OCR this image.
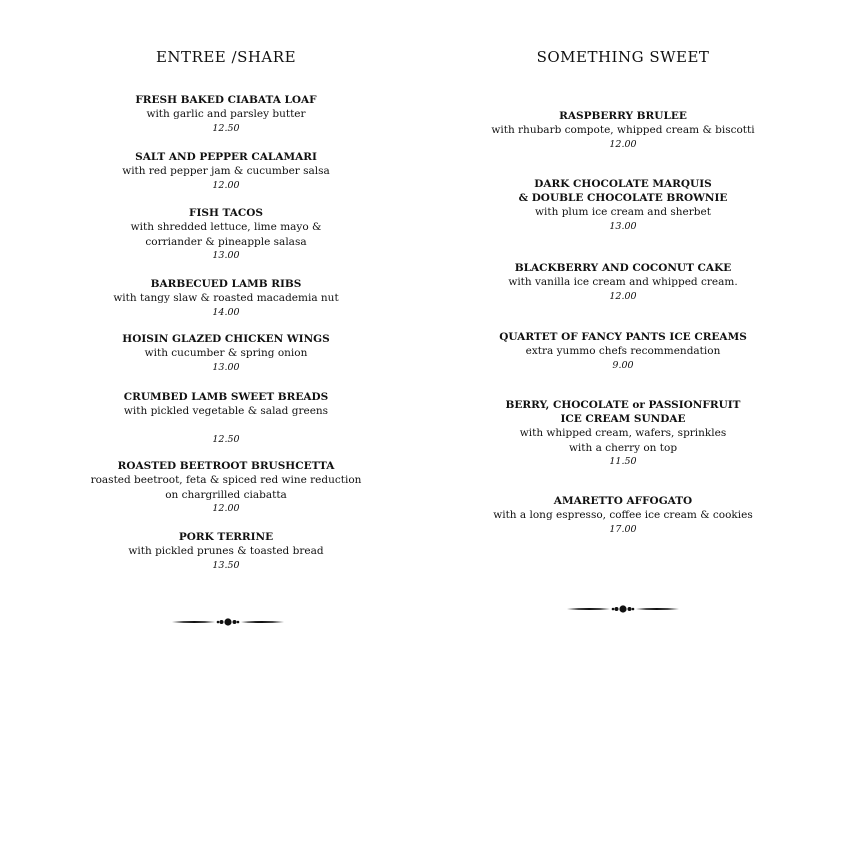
ENTREE /SHARE
FRESH BAKED CIABATA LOAF
with garlic and parsley butter
12.50
SALT AND PEPPER CALAMARI
with red pepper jam & cucumber salsa
12.00
FISH TACOS
with shredded lettuce, lime mayo &
corriander & pineapple salasa
13.00
BARBECUED LAMB RIBS
with tangy slaw & roasted macademia nut
14.00
HOISIN GLAZED CHICKEN WINGS
with cucumber & spring onion
13.00
CRUMBED LAMB SWEET BREADS
with pickled vegetable & salad greens
12.50
ROASTED BEETROOT BRUSHCETTA
roasted beetroot, feta & spiced red wine reduction
on chargrilled ciabatta
12.00
PORK TERRINE
with pickled prunes & toasted bread
13.50
SOMETHING SWEET
RASPBERRY BRULEE
with rhubarb compote, whipped cream & biscotti
12.00
DARK CHOCOLATE MARQUIS
& DOUBLE CHOCOLATE BROWNIE
with plum ice cream and sherbet
13.00
BLACKBERRY AND COCONUT CAKE
with vanilla ice cream and whipped cream.
12.00
QUARTET OF FANCY PANTS ICE CREAMS
extra yummo chefs recommendation
9.00
BERRY, CHOCOLATE or PASSIONFRUIT
ICE CREAM SUNDAE
with whipped cream, wafers, sprinkles
with a cherry on top
11.50
AMARETTO AFFOGATO
with a long espresso, coffee ice cream & cookies
17.00
